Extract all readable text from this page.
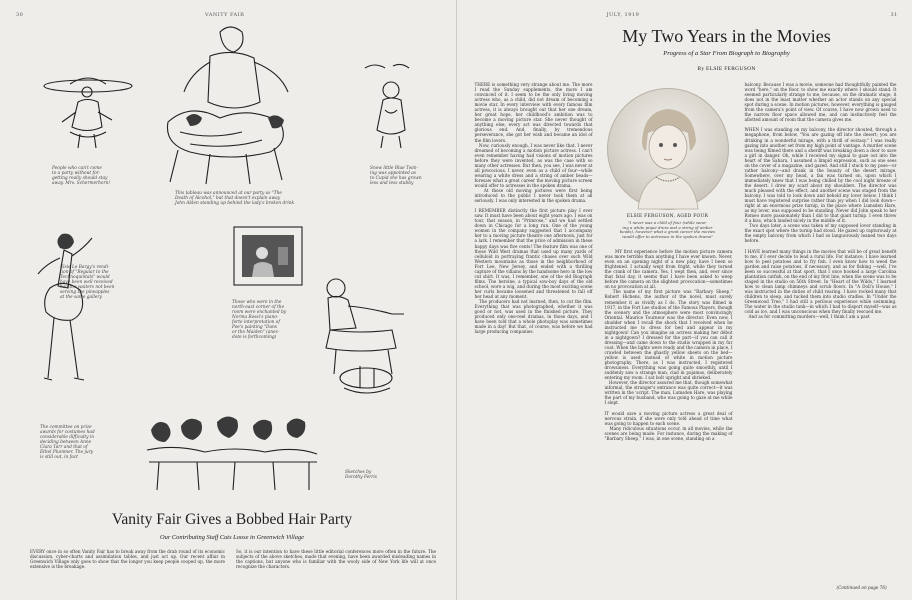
30	VANITY FAIR
People who can't come
to a party without for-
getting really should stay
away. Mrs. Schermerhorn!
This tableau was announced at our party as "The
Death of Alcohol," but that doesn't explain away
John Alden standing up behind the lady's broken drink
Snow little Blue Twin-
ing was appointed as
to Cupid she has grown
less and less stubby
Elsie Le Bargy's rendi-
tion of "Regular to the
Technoquintals" would
have been well received
had the waiters not been
serving the pineapples
at the same gallery
Those who were in the
north-east corner of the
room were enchanted by
Norma Rossi's piano-
forte interpretation of
Poe's painting "Dans
or the Maiden" (anec-
dote is forthcoming)
The committee on prize
awards for costumes had
considerable difficulty in
deciding between Anne
Clara Tarr and that of
Ethel Plummer. The jury
is still out, in fact
Sketches by
Dorothy Ferris
Vanity Fair Gives a Bobbed Hair Party
Our Contributing Staff Cuts Loose in Greenwich Village
EVERY once in so often Vanity Fair has to break away from the drab round of its economic discussion, cyber-charts and assimilation tables, and just act up. Our recent affair in Greenwich Village only goes to show that the longer you keep people cooped up, the more extensive is the breakage.
So, it is our intention to have these little editorial conferences more often in the future. The subjects of the above sketches, made that evening, have been awarded misleading names in the captions, but anyone who is familiar with the wooly side of New York life will at once recognize the characters.
JULY, 1919	31
My Two Years in the Movies
Progress of a Star From Biograph to Biography
By ELSIE FERGUSON
THERE is something very strange about me. The more I read the Sunday supplements, the more I am convinced of it. I seem to be the only living moving actress who, as a child, did not dream of becoming a movie star. In every interview with every famous film actress, it is always brought out that her one dream, her great hope, her childhood's ambition was to become a moving picture star. She never thought of anything else; every act was directed towards that glorious end. And, finally, by tremendous perseverance, she got her wish and became an idol of the film lovers.
Now, curiously enough, I was never like that. I never dreamed of becoming a motion picture actress. I can't even remember having had visions of motion pictures before they were invented, as was the case with so many other actresses. But then, you see, I was never at all precocious. I never, even as a child of four—while wearing a white dress and a string of amber beads—foresaw what a great career the moving picture screen would offer to actresses in the spoken drama.
At those old moving pictures were first being introduced to the public I never took them at all seriously. I was only interested in the spoken drama.

I REMEMBER distinctly the first picture play I ever saw. It must have been about eight years ago. I was on tour, that season, in "Primrose," and we had settled down in Chicago for a long run. One of the young women in the company suggested that I accompany her to a moving picture theatre one afternoon, just for a lark. I remember that the price of admission in these happy days was five cents! The feature film was one of those Wild West dramas that used up many yards of celluloid in portraying frantic chases over such Wild Western mountains as those in the neighborhood of Fort Lee, New Jersey, and ended with a thrilling capture of the villains by the handsome hero in the low cut shirt. It was, I remember, one of the old Biograph films. The heroine, a typical sow-boy days of the old school, wore a wig, and during the most exciting scene her curls became loosened and threatened to fall off her head at any moment.
The producers had not learned, then, to cut the film. Everything that was photographed, whether it was good or not, was used in the finished picture. They produced only one-reel dramas, in those days, and I have been told that a whole photoplay was sometimes made in a day! But that, of course, was before we had large producing companies.
ELSIE FERGUSON, AGED FOUR
"I never was a child of four (while wear-
ing a white piqué dress and a string of amber
beads), however what a great career the movies
would offer to actresses in the spoken drama"

MY first experience before the motion picture camera was more terrible than anything I have ever known. Never, even on an opening night of a new play, have I been so frightened. I actually wept from fright, while they turned the crank of the camera. Yes, I wept then, and, ever since that fatal day, it seems that I have been asked to weep before the camera on the slightest provocation—sometimes on no provocation at all.
The name of my first picture was "Barbary Sheep." Robert Hichens, the author of the novel, must surely remember it as vividly as I do. The story was filmed in 1917, in the Fort Lee studios of the Famous Players, though the scenery and the atmosphere were most convincingly Oriental. Maurice Tourneur was the director. Even now, I shudder when I recall the shock that I received when he instructed me to dress for bed and appear in my nightgown! Can you imagine an actress making her début in a nightgown? I dressed for the part—if you can call it dressing—and came down to the studio wrapped in my fur coat. When the lights were ready and the camera in place, I crawled between the ghastly yellow sheets on the bed—yellow is used instead of white in motion picture photography. There, as I was instructed, I registered drowsiness. Everything was going quite smoothly, until I suddenly saw a strange man, clad in pajamas, deliberately entering my room. I sat bolt upright and shrieked.
However, the director assured me that, though somewhat informal, the stranger's entrance was quite correct—it was written in the 'script. The man, Lumsden Hare, was playing the part of my husband, who was going to gaze at me while I slept.

IT would save a moving picture actress a great deal of nervous strain, if she were only told ahead of time what was going to happen to each scene.
Many ridiculous situations occur, in all movies, while the scenes are being made. For instance, during the making of "Barbary Sheep," I was, in one scene, standing on a

balcony. Because I was a movie, someone had thoughtfully painted the word "here," on the floor, to show me exactly where I should stand. It seemed particularly strange to me, because, on the dramatic stage, it does not in the least matter whether an actor stands on any special spot during a scene. In motion pictures, however, everything is gauged from the camera's point of view. Of course, I have now grown used to the narrow floor space allowed me, and can instinctively feel the allotted amount of room that the camera gives me.

WHEN I was standing on my balcony, the director shouted, through a megaphone, from below, "You are gazing off into the desert; you are drinking in a wonderful mirage, with a thrill of ecstasy." I was really gazing into another set from my high point of vantage. A murder scene was being filmed there and a sheriff was breaking down a door to save a girl in danger. Oh, while I received my signal to gaze out into the heart of the Sahara, I assumed a limpid expression, such as one sees on the cover of a magazine, and gazed. And still I stuck to my pose—or rather balcony—and drank in the beauty of the desert mirage. Somewhere, over my head, a fan was turned on, upon which I immediately knew that I was being chilled by the cool night breeze of the desert. I drew my scarf about my shoulders. The director was much pleased with the effect, and another scene was staged from the balcony. I was told to look down and behold my lover below. I think I must have registered surprise rather than joy when I did look down—right at an enormous prize turnip, in the place where Lumsden Hare, as my lover, was supposed to be standing. Never did John speak to her Romeo more passionately than I did to that giant turnip. I even threw it a kiss, which landed nicely in the middle of it.
Two days later, a scene was taken of my supposed lover standing in the exact spot where the turnip had stood. He gazed up rapturously at the empty balcony from which I had so languorously leaned two days before.

I HAVE learned many things in the movies that will be of great benefit to me, if I ever decide to lead a rural life. For instance, I have learned how to peel potatoes and to fry fish. I even know how to weed the garden and raise potatoes, if necessary, and as for fishing —well, I've been so successful at that sport, that I once hooked a large Carolina plantation catfish, on the end of my first line, when the scene was to be staged in the studio on 56th Street. In "Heart of the Wilds," I learned how to clean lamp chimneys and scrub floors. In "A Doll's House," I was instructed in the duties of child rearing. I have rocked many that children to sleep, and tucked them into studio cradles. In "Under the Greenwood Tree," I had still a perilous experience while swimming. The water in the studio tank—in which I had to disport myself—was as cold as ice, and I was unconscious when they finally rescued me.
And as for committing murders—well, I think I am a past
(Continued on page 76)
